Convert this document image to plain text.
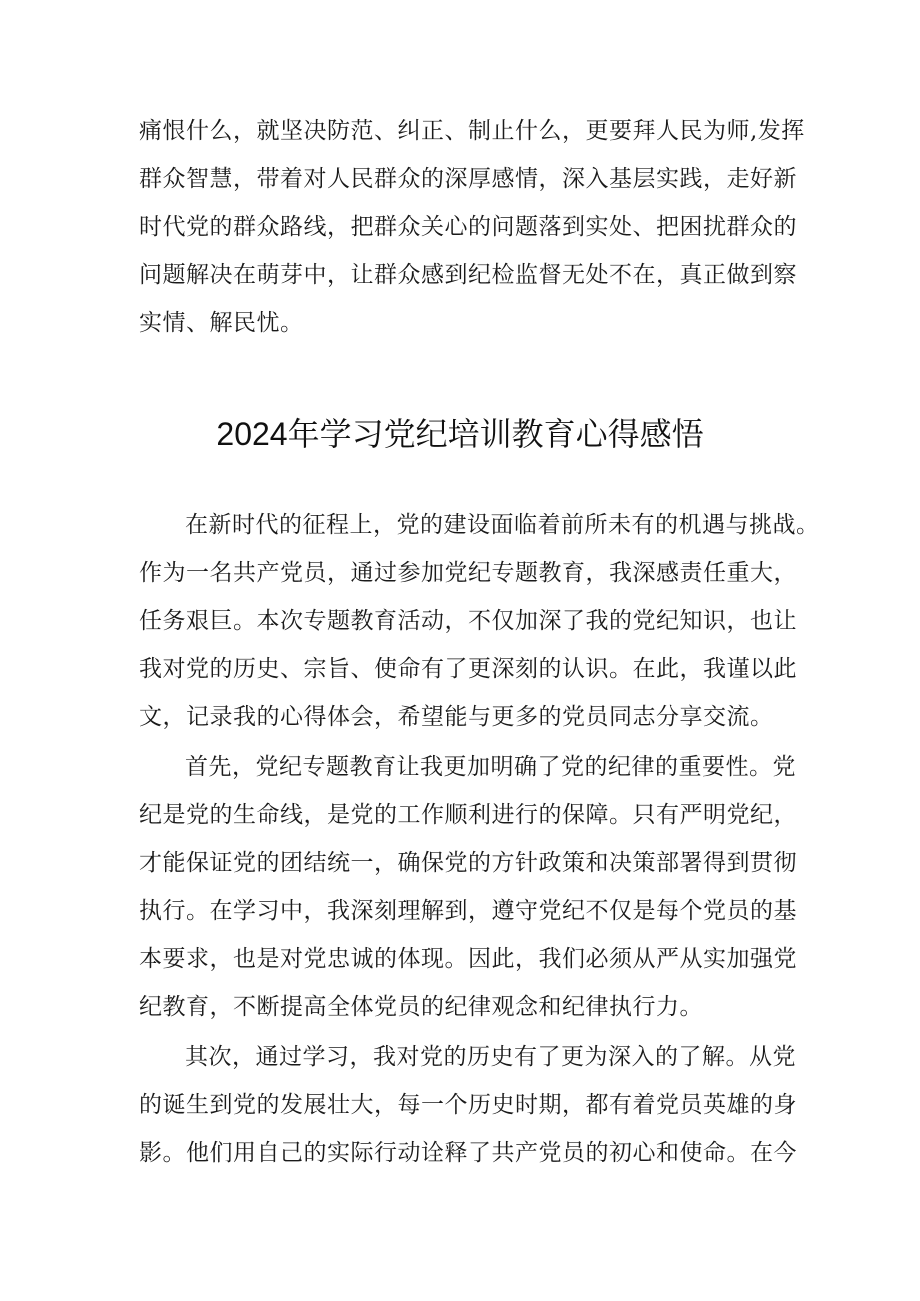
痛恨什么，就坚决防范、纠正、制止什么，更要拜人民为师,发挥
群众智慧，带着对人民群众的深厚感情，深入基层实践，走好新
时代党的群众路线，把群众关心的问题落到实处、把困扰群众的
问题解决在萌芽中，让群众感到纪检监督无处不在，真正做到察
实情、解民忧。
2024年学习党纪培训教育心得感悟
在新时代的征程上，党的建设面临着前所未有的机遇与挑战。
作为一名共产党员，通过参加党纪专题教育，我深感责任重大，
任务艰巨。本次专题教育活动，不仅加深了我的党纪知识，也让
我对党的历史、宗旨、使命有了更深刻的认识。在此，我谨以此
文，记录我的心得体会，希望能与更多的党员同志分享交流。
首先，党纪专题教育让我更加明确了党的纪律的重要性。党
纪是党的生命线，是党的工作顺利进行的保障。只有严明党纪，
才能保证党的团结统一，确保党的方针政策和决策部署得到贯彻
执行。在学习中，我深刻理解到，遵守党纪不仅是每个党员的基
本要求，也是对党忠诚的体现。因此，我们必须从严从实加强党
纪教育，不断提高全体党员的纪律观念和纪律执行力。
其次，通过学习，我对党的历史有了更为深入的了解。从党
的诞生到党的发展壮大，每一个历史时期，都有着党员英雄的身
影。他们用自己的实际行动诠释了共产党员的初心和使命。在今
